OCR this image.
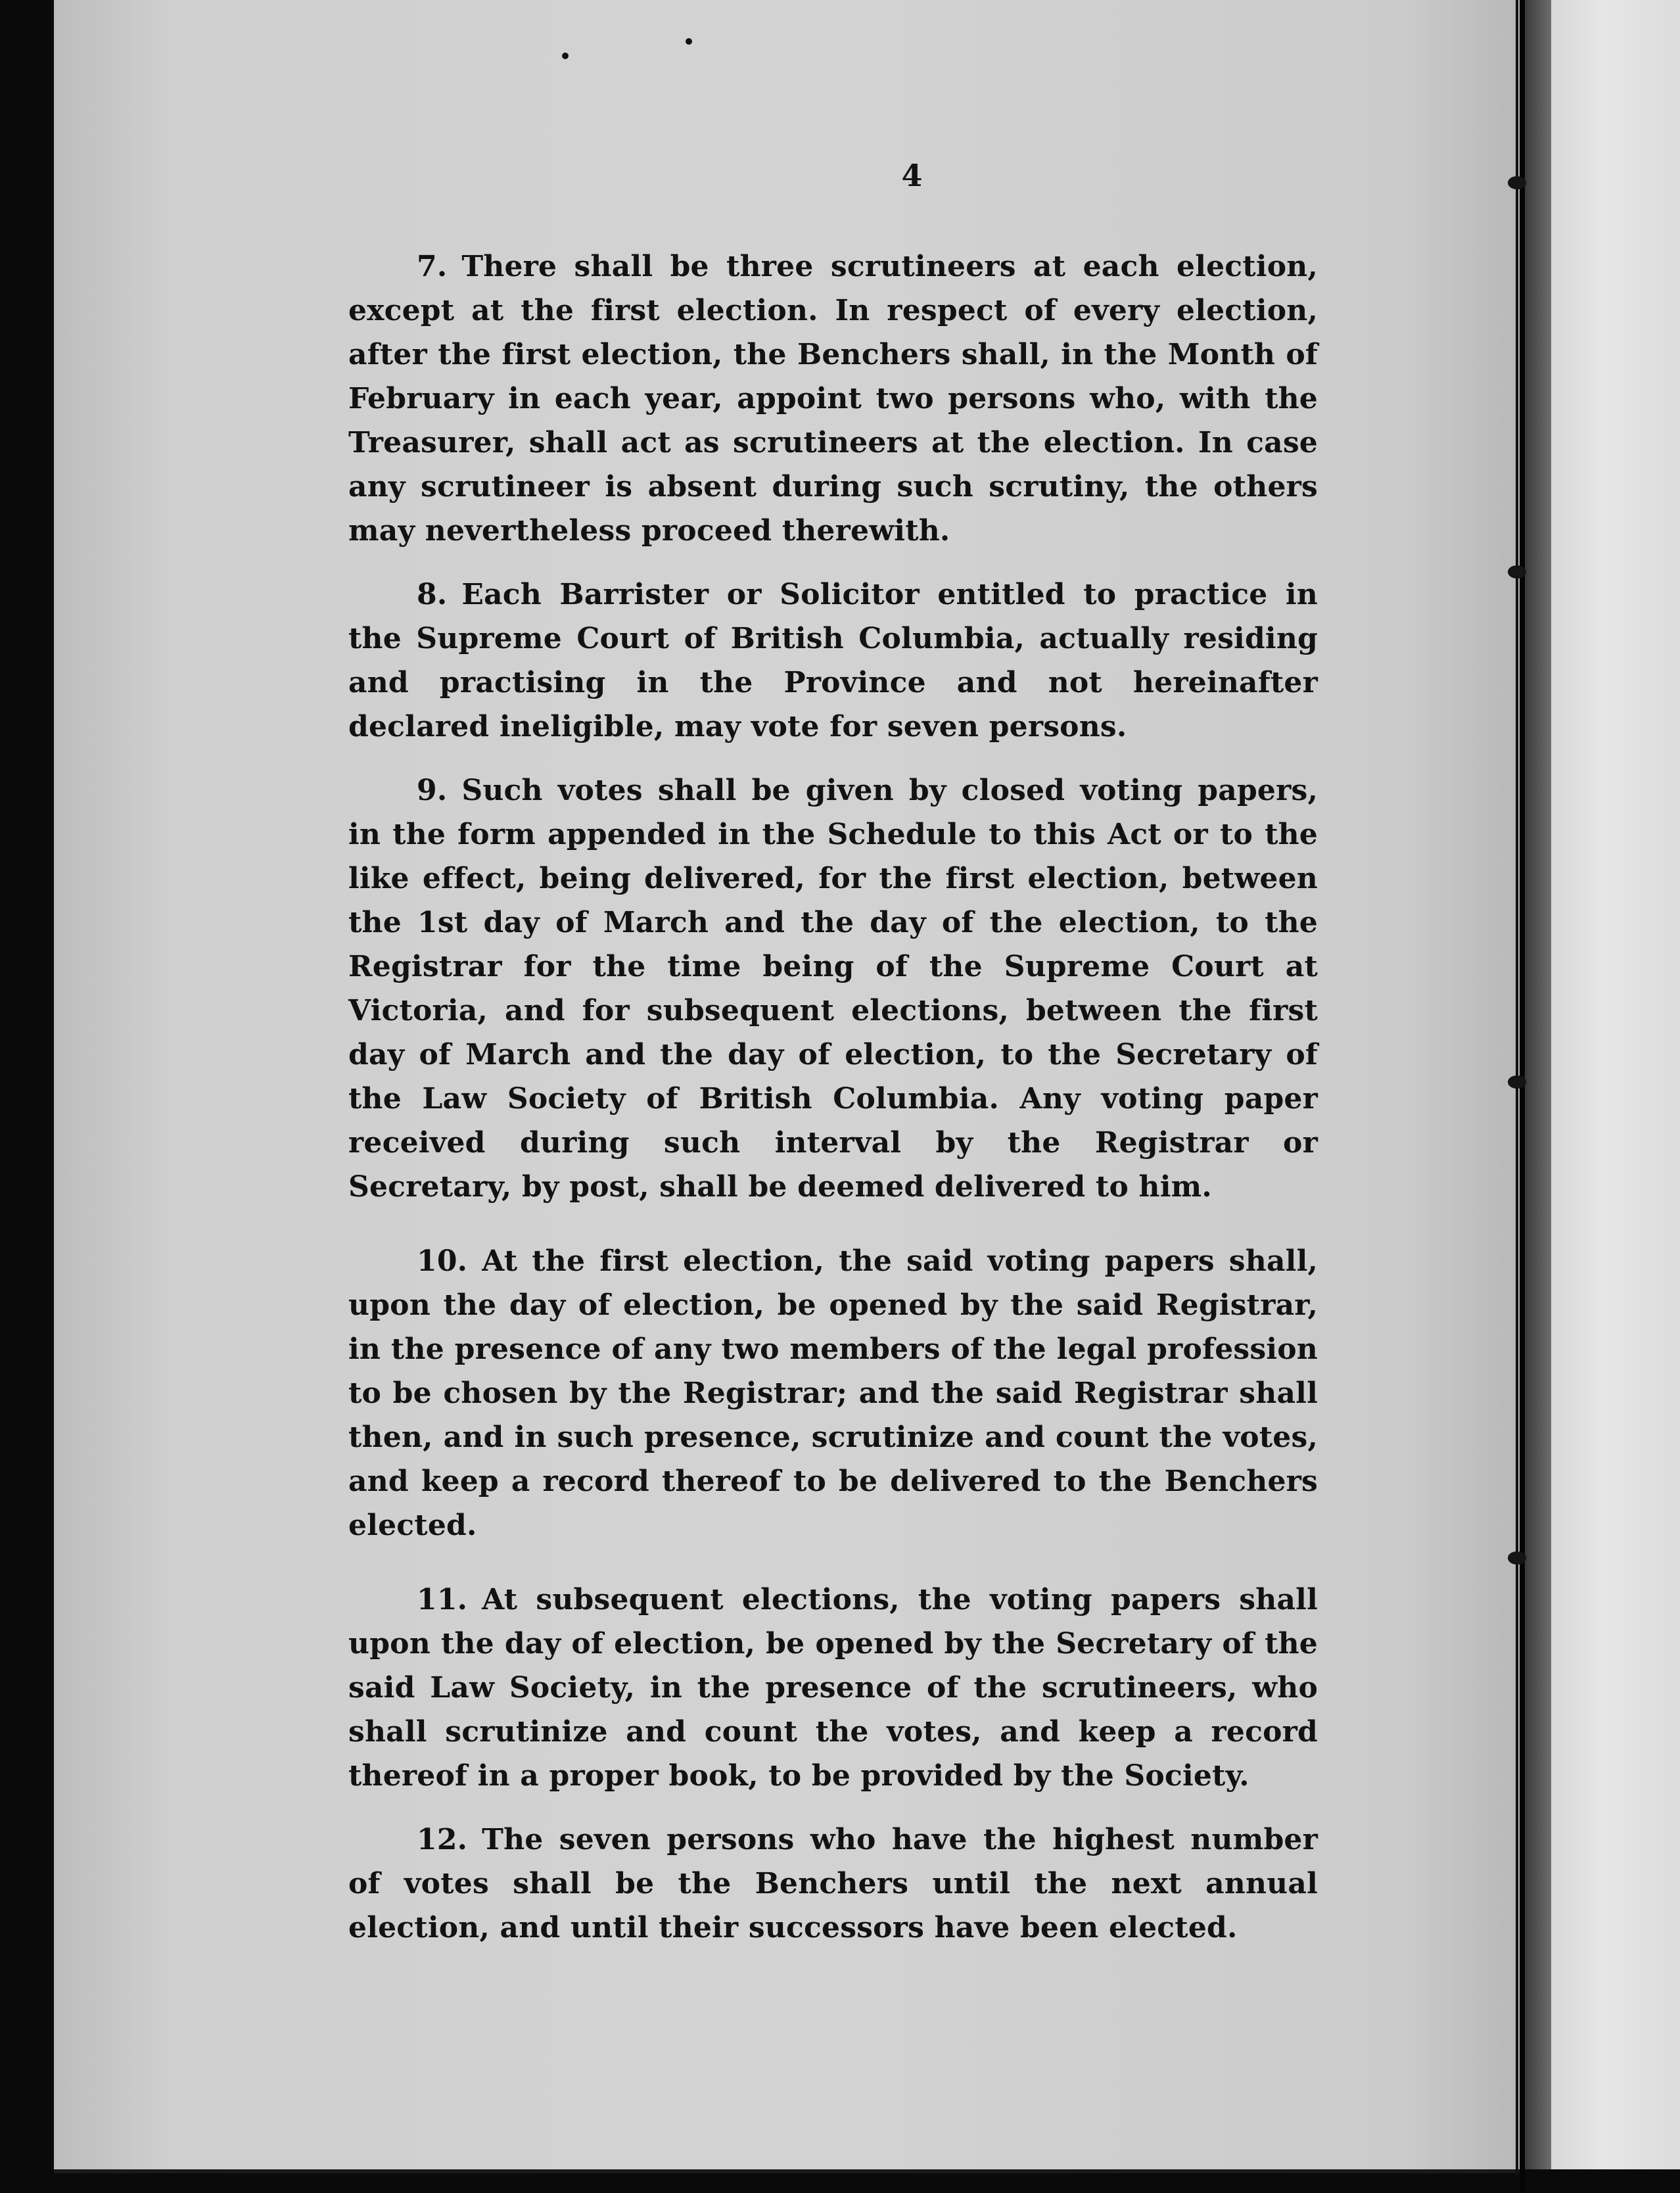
4

7. There shall be three scrutineers at each election, except at the first election. In respect of every election, after the first election, the Benchers shall, in the Month of February in each year, appoint two persons who, with the Treasurer, shall act as scrutineers at the election. In case any scrutineer is absent during such scrutiny, the others may nevertheless proceed therewith.

8. Each Barrister or Solicitor entitled to practice in the Supreme Court of British Columbia, actually residing and practising in the Province and not hereinafter declared ineligible, may vote for seven persons.

9. Such votes shall be given by closed voting papers, in the form appended in the Schedule to this Act or to the like effect, being delivered, for the first election, between the 1st day of March and the day of the election, to the Registrar for the time being of the Supreme Court at Victoria, and for subsequent elections, between the first day of March and the day of election, to the Secretary of the Law Society of British Columbia. Any voting paper received during such interval by the Registrar or Secretary, by post, shall be deemed delivered to him.

10. At the first election, the said voting papers shall, upon the day of election, be opened by the said Registrar, in the presence of any two members of the legal profession to be chosen by the Registrar; and the said Registrar shall then, and in such presence, scrutinize and count the votes, and keep a record thereof to be delivered to the Benchers elected.

11. At subsequent elections, the voting papers shall upon the day of election, be opened by the Secretary of the said Law Society, in the presence of the scrutineers, who shall scrutinize and count the votes, and keep a record thereof in a proper book, to be provided by the Society.

12. The seven persons who have the highest number of votes shall be the Benchers until the next annual election, and until their successors have been elected.
